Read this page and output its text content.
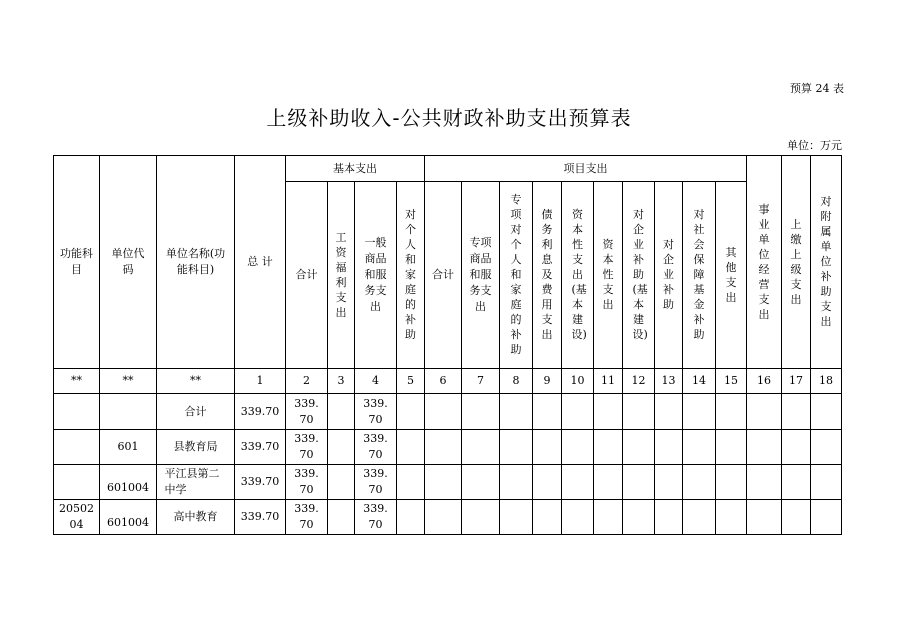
预算 24 表
上级补助收入-公共财政补助支出预算表
单位：万元
功能科目	单位代码	单位名称(功能科目)	总 计	基本支出				项目支出										事业单位经营支出	上缴上级支出	对附属单位补助支出
				合计	工资福利支出	一般商品和服务支出	对个人和家庭的补助	合计	专项商品和服务支出	专项对个人和家庭的补助	债务利息及费用支出	资本性支出(基本建设)	资本性支出	对企业补助(基本建设)	对企业补助	对社会保障基金补助	其他支出			
**	**	**	1	2	3	4	5	6	7	8	9	10	11	12	13	14	15	16	17	18
		合计	339.70	339.70		339.70														
	601	县教育局	339.70	339.70		339.70														
	601004	平江县第二中学	339.70	339.70		339.70														
2050204	601004	高中教育	339.70	339.70		339.70														
